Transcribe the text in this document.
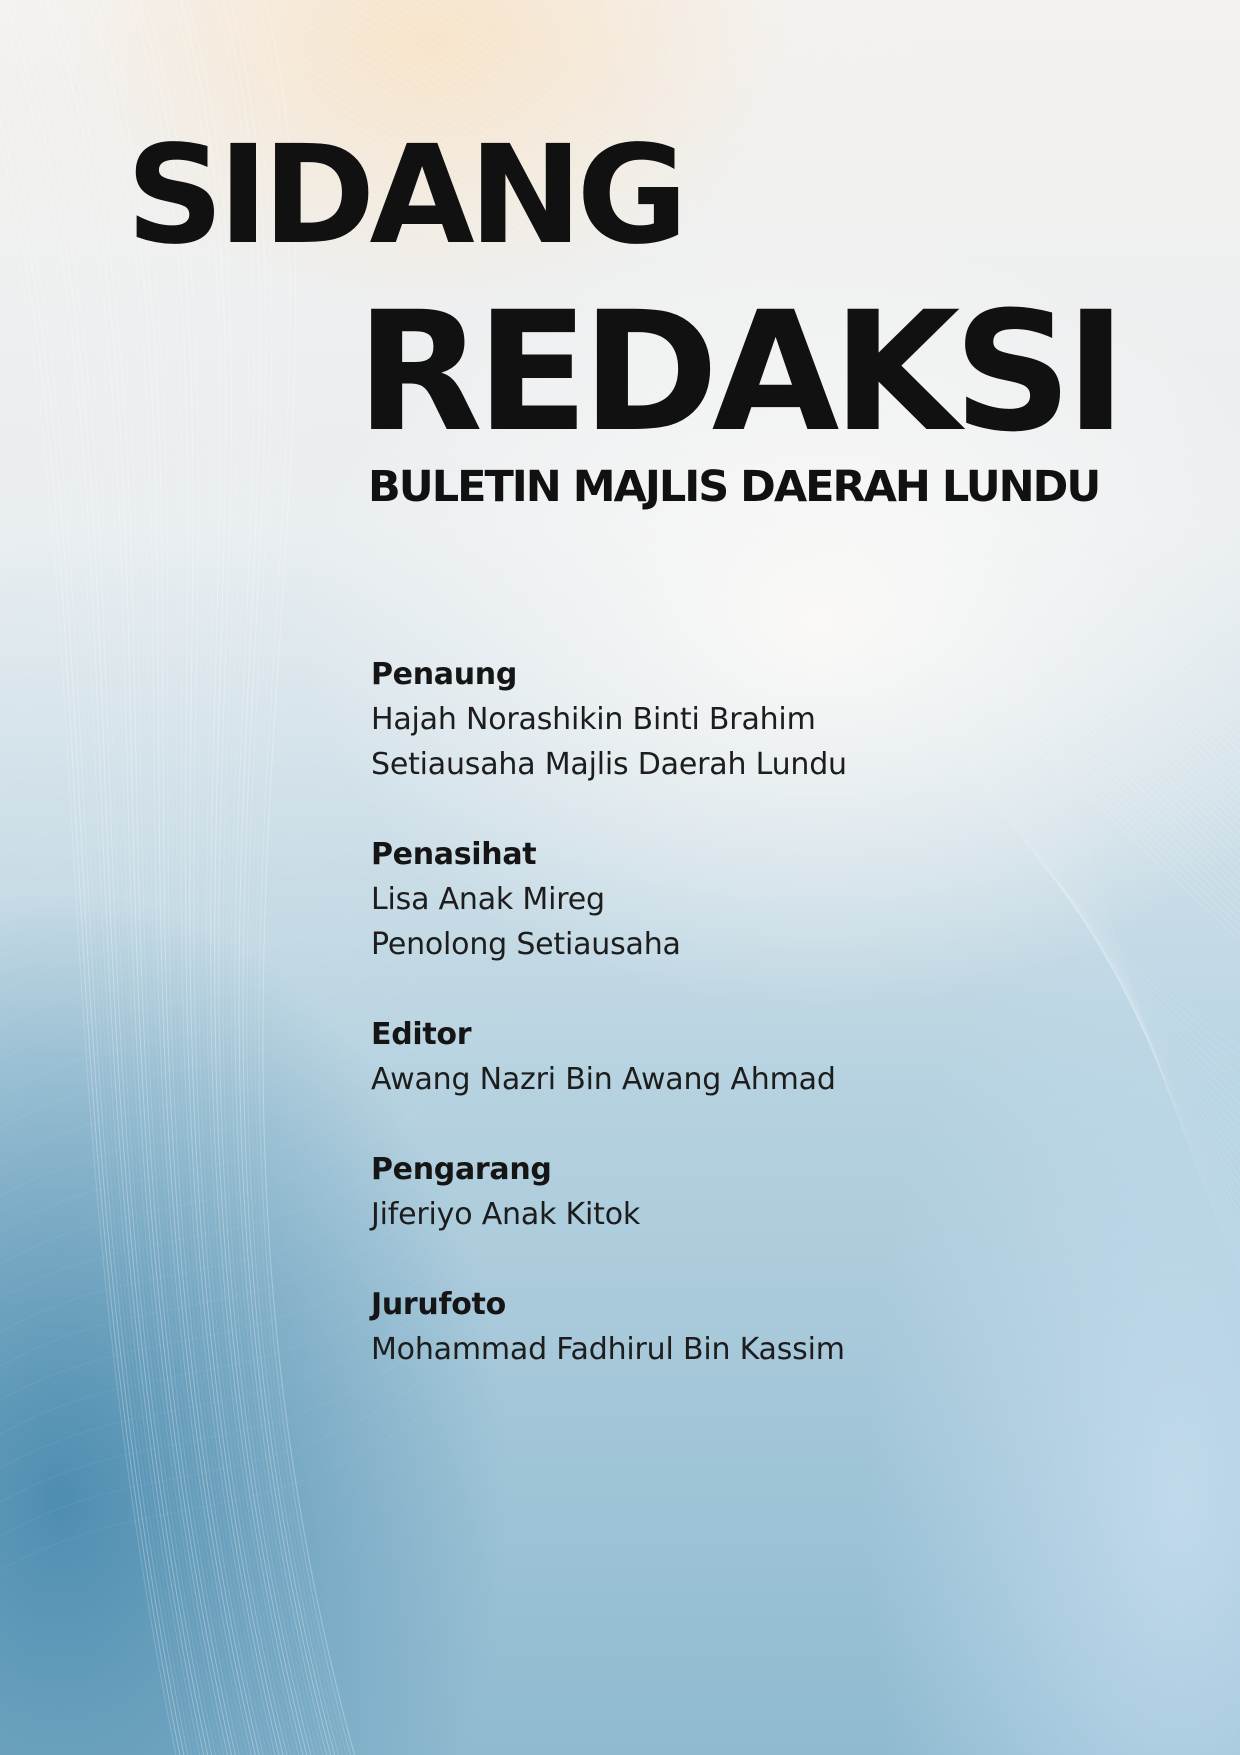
SIDANG
REDAKSI
BULETIN MAJLIS DAERAH LUNDU
Penaung
Hajah Norashikin Binti Brahim
Setiausaha Majlis Daerah Lundu
Penasihat
Lisa Anak Mireg
Penolong Setiausaha
Editor
Awang Nazri Bin Awang Ahmad
Pengarang
Jiferiyo Anak Kitok
Jurufoto
Mohammad Fadhirul Bin Kassim
